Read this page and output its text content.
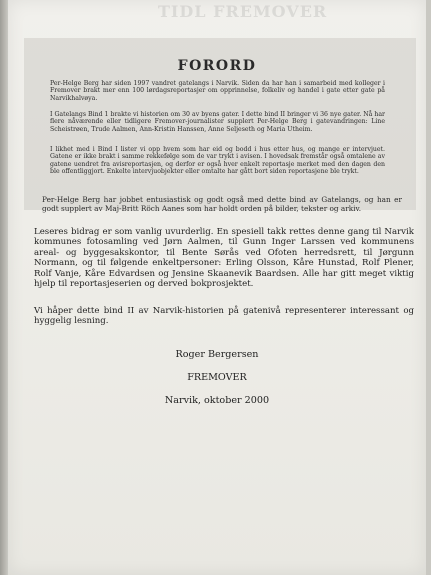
TIDL FREMOVER
FORORD

Per-Helge Berg har siden 1997 vandret gatelangs i Narvik. Siden da har han i samarbeid med kolleger i Fremover brakt mer enn 100 lørdagsreportasjer om opprinnelse, folkeliv og handel i gate etter gate på Narvikhalvøya.

I Gatelangs Bind 1 brakte vi historien om 30 av byens gater. I dette bind II bringer vi 36 nye gater. Nå har flere nåværende eller tidligere Fremover-journalister supplert Per-Helge Berg i gatevandringen: Line Scheistrøen, Trude Aalmen, Ann-Kristin Hanssen, Anne Seljeseth og Maria Utheim.

I likhet med i Bind I lister vi opp hvem som har eid og bodd i hus etter hus, og mange er intervjuet. Gatene er ikke brakt i samme rekkefølge som de var trykt i avisen. I hovedsak fremstår også omtalene av gatene uendret fra avisreportasjen, og derfor er også hver enkelt reportasje merket med den dagen den ble offentliggjort. Enkelte intervjuobjekter eller omtalte har gått bort siden reportasjene ble trykt.

Per-Helge Berg har jobbet entusiastisk og godt også med dette bind av Gatelangs, og han er godt supplert av Maj-Britt Röch Aanes som har holdt orden på bilder, tekster og arkiv.

Leseres bidrag er som vanlig uvurderlig. En spesiell takk rettes denne gang til Narvik kommunes fotosamling ved Jørn Aalmen, til Gunn Inger Larssen ved kommunens areal- og byggesakskontor, til Bente Sørås ved Ofoten herredsrett, til Jørgunn Normann, og til følgende enkeltpersoner: Erling Olsson, Kåre Hunstad, Rolf Plener, Rolf Vanje, Kåre Edvardsen og Jensine Skaanevik Baardsen. Alle har gitt meget viktig hjelp til reportasjeserien og derved bokprosjektet.

Vi håper dette bind II av Narvik-historien på gatenivå representerer interessant og hyggelig lesning.

Roger Bergersen
FREMOVER
Narvik, oktober 2000
